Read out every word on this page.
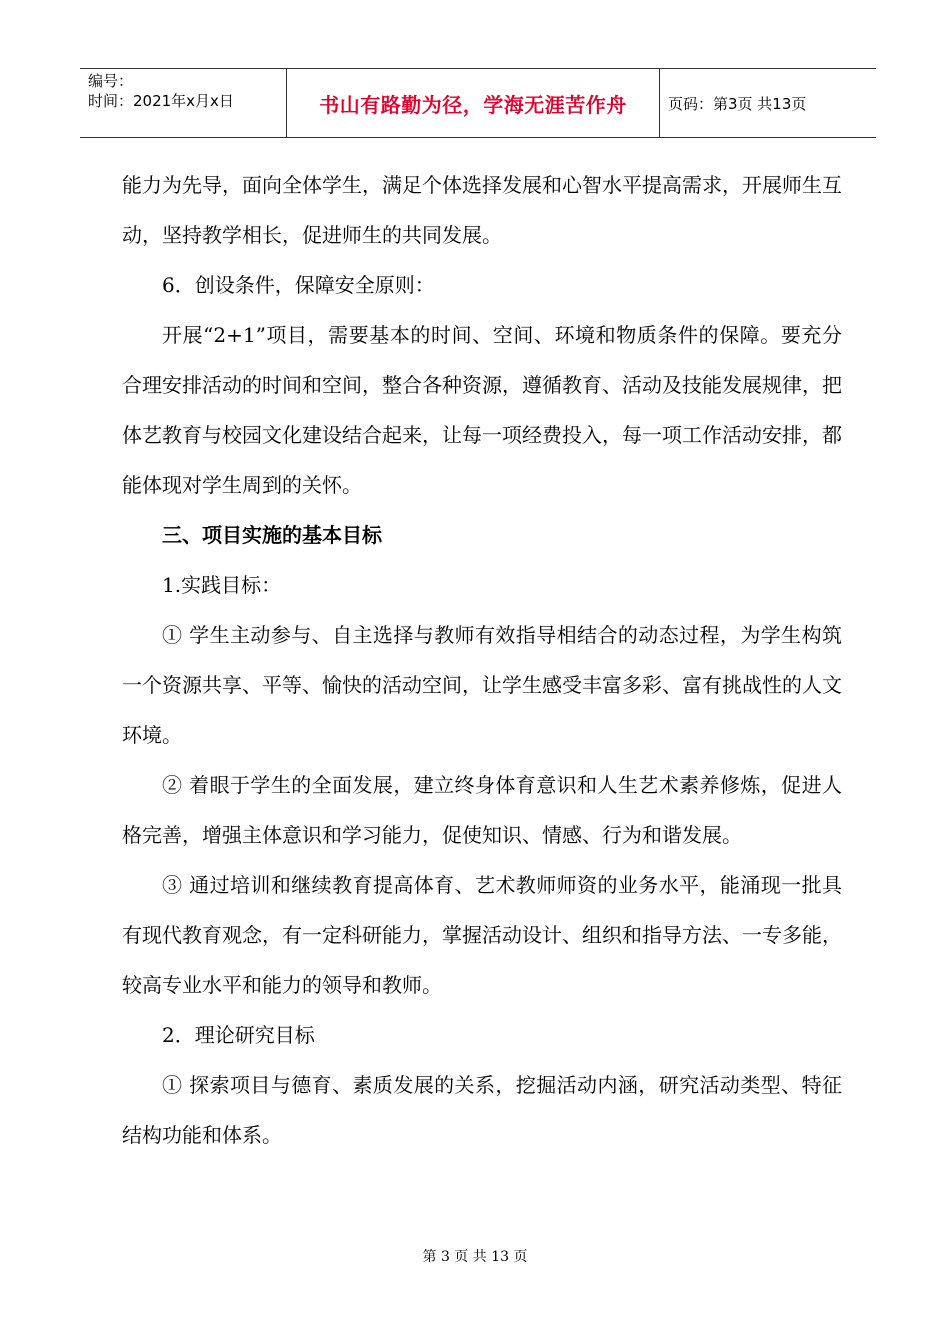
编号：
时间：2021年x月x日	书山有路勤为径，学海无涯苦作舟	页码：第3页 共13页

能力为先导，面向全体学生，满足个体选择发展和心智水平提高需求，开展师生互动，坚持教学相长，促进师生的共同发展。

6．创设条件，保障安全原则：

开展“2+1”项目，需要基本的时间、空间、环境和物质条件的保障。要充分合理安排活动的时间和空间，整合各种资源，遵循教育、活动及技能发展规律，把体艺教育与校园文化建设结合起来，让每一项经费投入，每一项工作活动安排，都能体现对学生周到的关怀。

三、项目实施的基本目标

1.实践目标：

① 学生主动参与、自主选择与教师有效指导相结合的动态过程，为学生构筑一个资源共享、平等、愉快的活动空间，让学生感受丰富多彩、富有挑战性的人文环境。

② 着眼于学生的全面发展，建立终身体育意识和人生艺术素养修炼，促进人格完善，增强主体意识和学习能力，促使知识、情感、行为和谐发展。

③ 通过培训和继续教育提高体育、艺术教师师资的业务水平，能涌现一批具有现代教育观念，有一定科研能力，掌握活动设计、组织和指导方法、一专多能，较高专业水平和能力的领导和教师。

2．理论研究目标

① 探索项目与德育、素质发展的关系，挖掘活动内涵，研究活动类型、特征结构功能和体系。

第 3 页 共 13 页
